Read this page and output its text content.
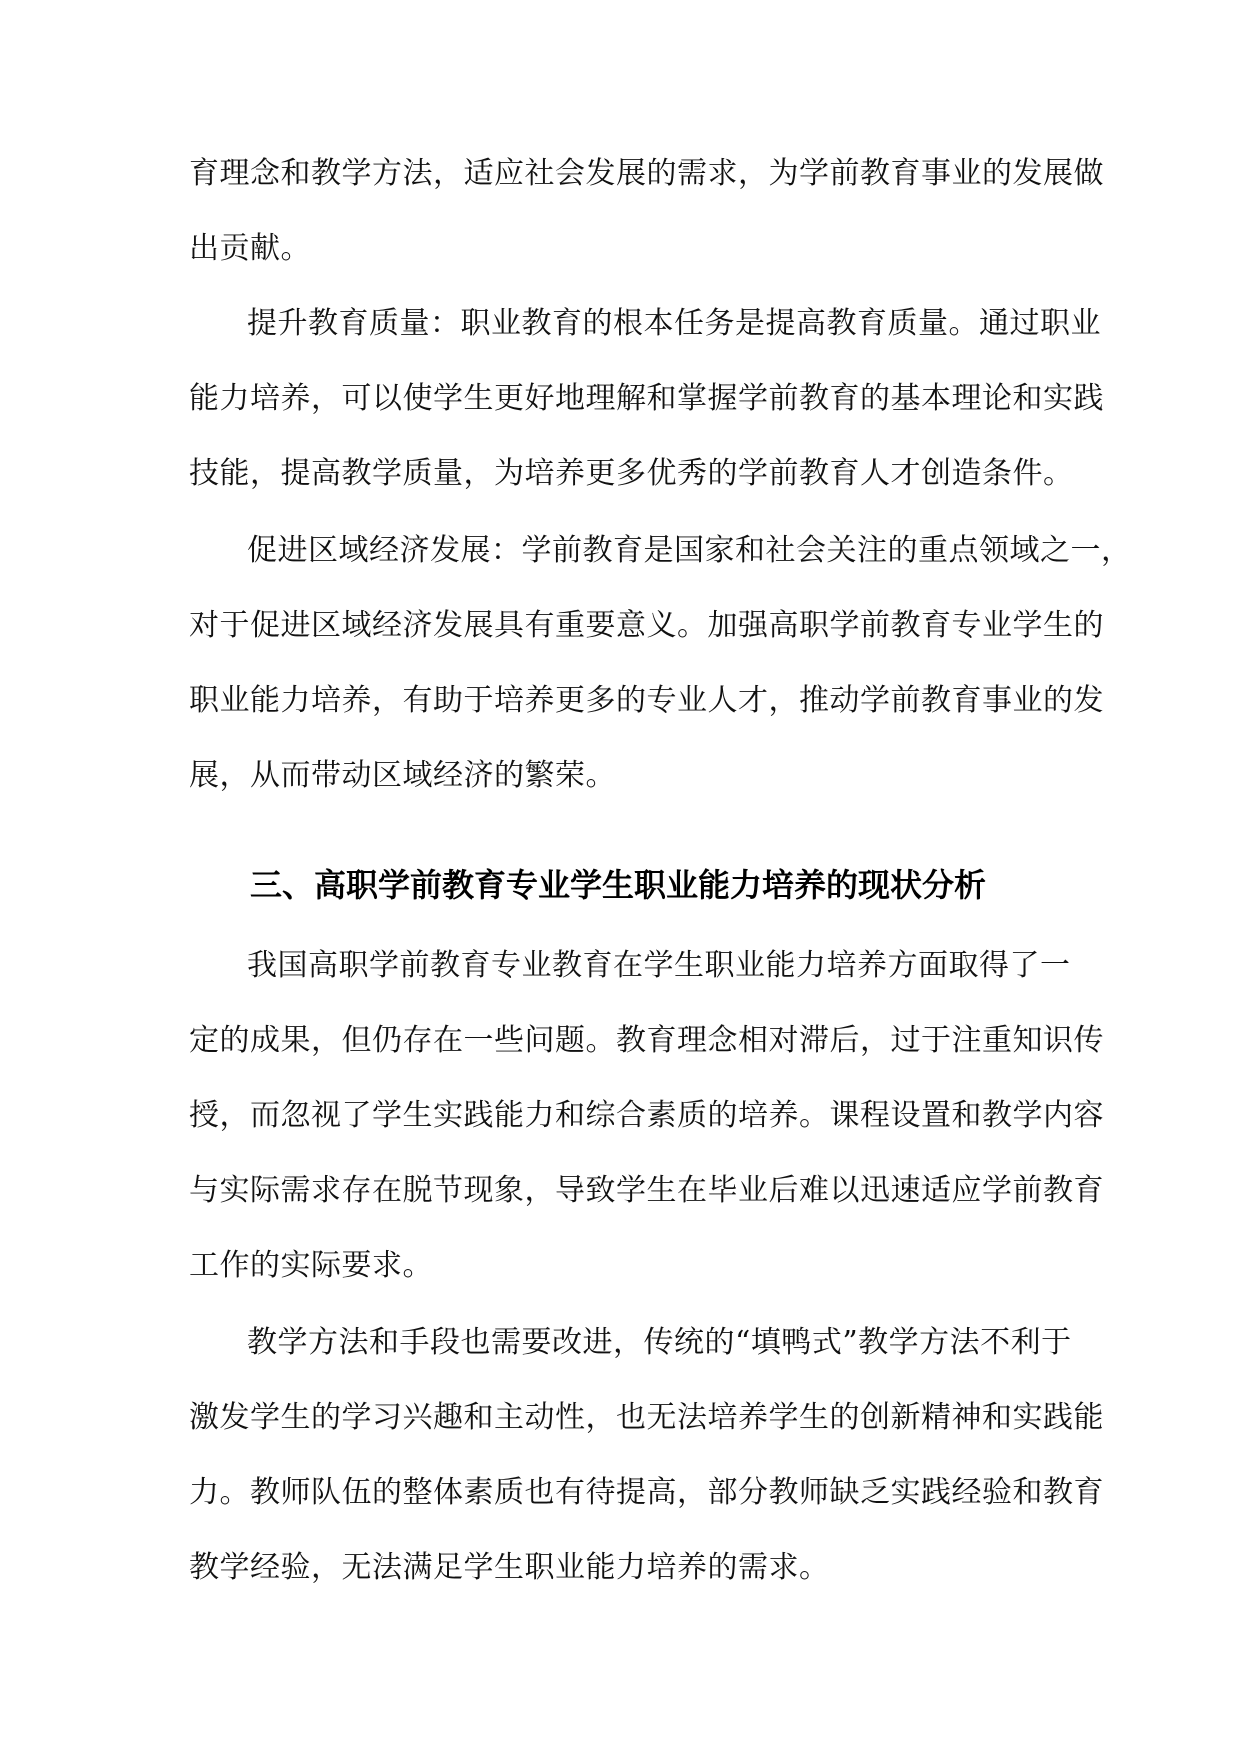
育理念和教学方法，适应社会发展的需求，为学前教育事业的发展做
出贡献。
提升教育质量：职业教育的根本任务是提高教育质量。通过职业
能力培养，可以使学生更好地理解和掌握学前教育的基本理论和实践
技能，提高教学质量，为培养更多优秀的学前教育人才创造条件。
促进区域经济发展：学前教育是国家和社会关注的重点领域之一，
对于促进区域经济发展具有重要意义。加强高职学前教育专业学生的
职业能力培养，有助于培养更多的专业人才，推动学前教育事业的发
展，从而带动区域经济的繁荣。
三、高职学前教育专业学生职业能力培养的现状分析
我国高职学前教育专业教育在学生职业能力培养方面取得了一
定的成果，但仍存在一些问题。教育理念相对滞后，过于注重知识传
授，而忽视了学生实践能力和综合素质的培养。课程设置和教学内容
与实际需求存在脱节现象，导致学生在毕业后难以迅速适应学前教育
工作的实际要求。
教学方法和手段也需要改进，传统的“填鸭式”教学方法不利于
激发学生的学习兴趣和主动性，也无法培养学生的创新精神和实践能
力。教师队伍的整体素质也有待提高，部分教师缺乏实践经验和教育
教学经验，无法满足学生职业能力培养的需求。
